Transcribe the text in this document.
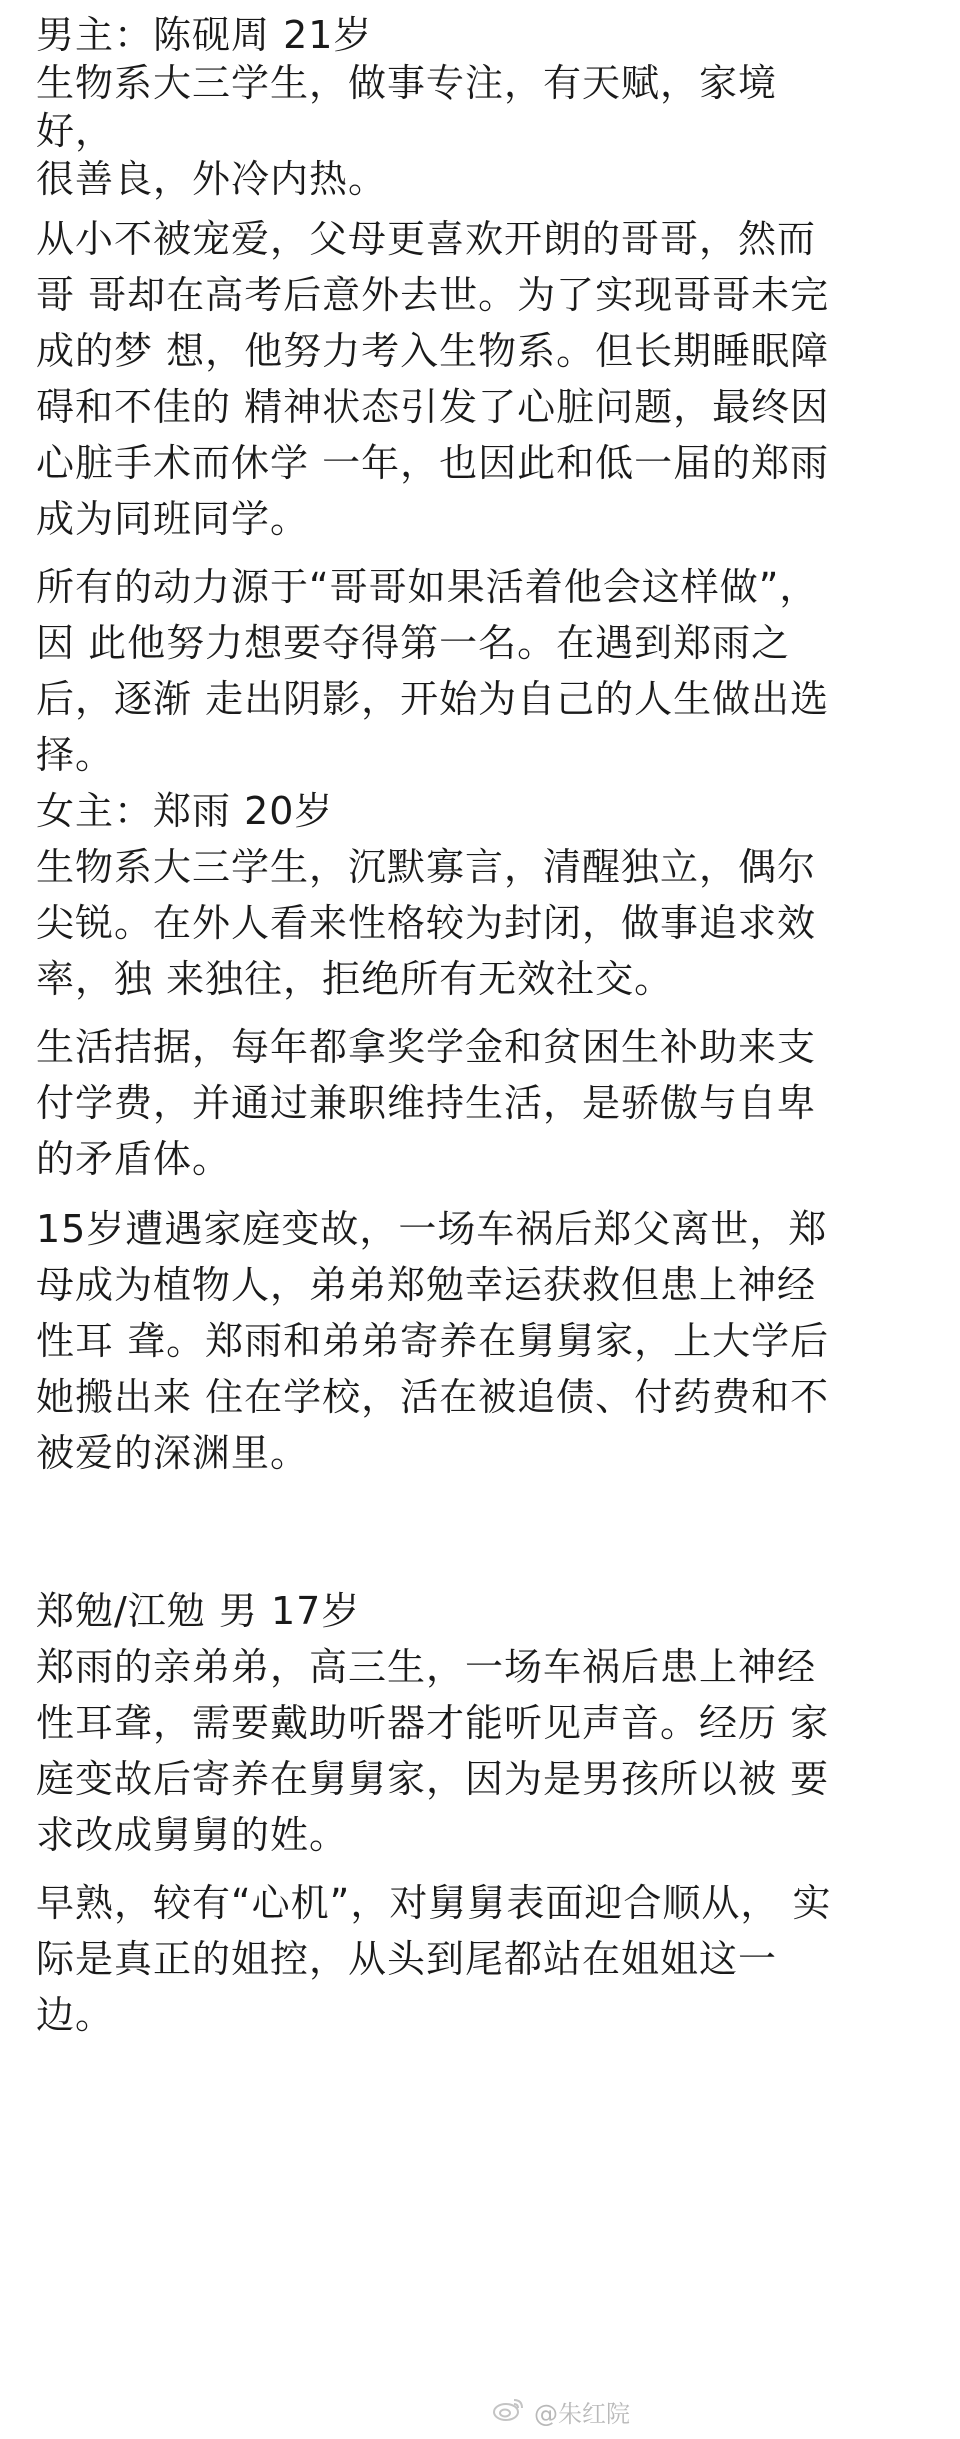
男主：陈砚周 21岁
生物系大三学生，做事专注，有天赋，家境
好，
很善良，外冷内热。
从小不被宠爱，父母更喜欢开朗的哥哥，然而
哥 哥却在高考后意外去世。为了实现哥哥未完
成的梦 想，他努力考入生物系。但长期睡眠障
碍和不佳的 精神状态引发了心脏问题，最终因
心脏手术而休学 一年，也因此和低一届的郑雨
成为同班同学。
所有的动力源于“哥哥如果活着他会这样做”，
因 此他努力想要夺得第一名。在遇到郑雨之
后，逐渐 走出阴影，开始为自己的人生做出选
择。
女主：郑雨 20岁
生物系大三学生，沉默寡言，清醒独立，偶尔
尖锐。在外人看来性格较为封闭，做事追求效
率，独 来独往，拒绝所有无效社交。
生活拮据，每年都拿奖学金和贫困生补助来支
付学费，并通过兼职维持生活，是骄傲与自卑
的矛盾体。
15岁遭遇家庭变故，一场车祸后郑父离世，郑
母成为植物人，弟弟郑勉幸运获救但患上神经
性耳 聋。郑雨和弟弟寄养在舅舅家，上大学后
她搬出来 住在学校，活在被追债、付药费和不
被爱的深渊里。
郑勉/江勉 男 17岁
郑雨的亲弟弟，高三生，一场车祸后患上神经
性耳聋，需要戴助听器才能听见声音。经历 家
庭变故后寄养在舅舅家，因为是男孩所以被 要
求改成舅舅的姓。
早熟，较有“心机”，对舅舅表面迎合顺从， 实
际是真正的姐控，从头到尾都站在姐姐这一
边。
@朱红院
